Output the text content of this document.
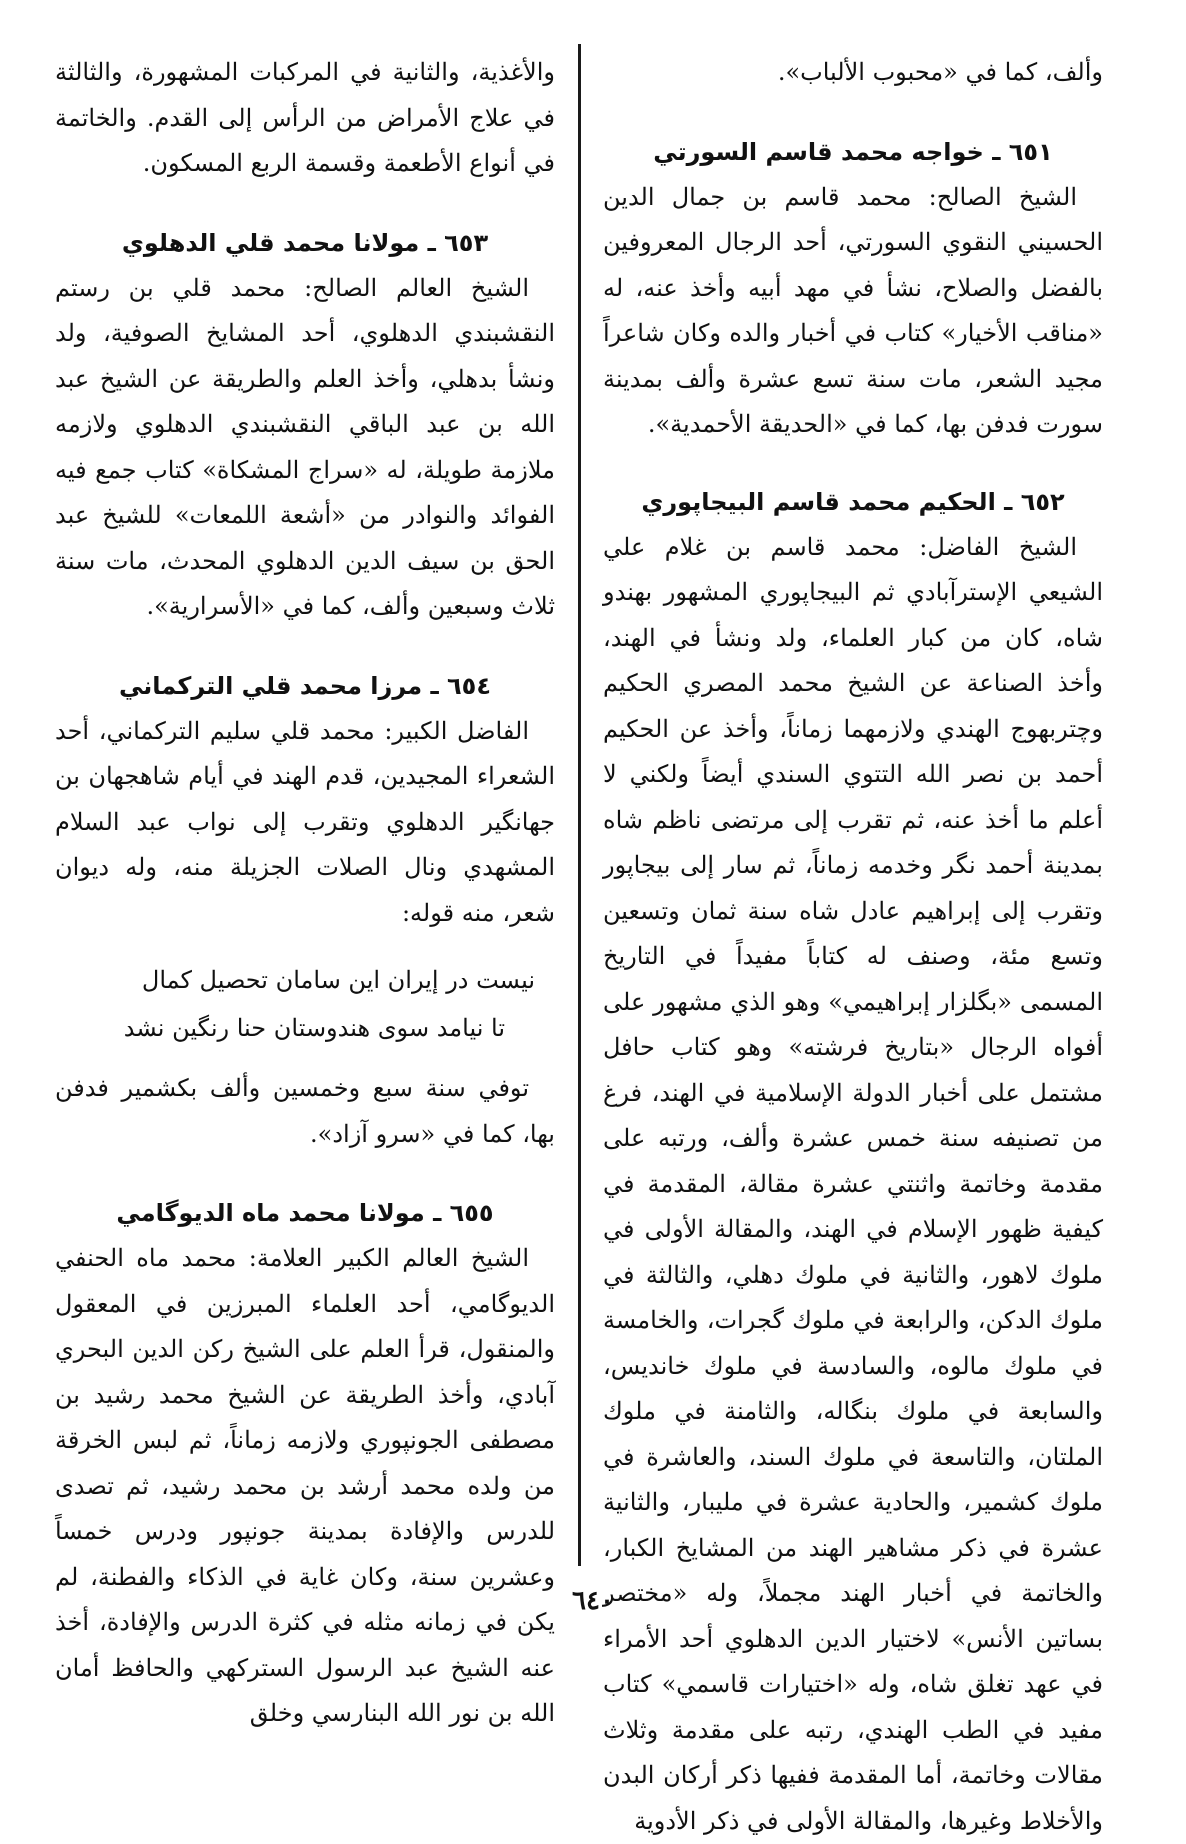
وألف، كما في «محبوب الألباب».

٦٥١ ـ خواجه محمد قاسم السورتي

الشيخ الصالح: محمد قاسم بن جمال الدين الحسيني النقوي السورتي، أحد الرجال المعروفين بالفضل والصلاح، نشأ في مهد أبيه وأخذ عنه، له «مناقب الأخيار» كتاب في أخبار والده وكان شاعراً مجيد الشعر، مات سنة تسع عشرة وألف بمدينة سورت فدفن بها، كما في «الحديقة الأحمدية».

٦٥٢ ـ الحكيم محمد قاسم البيجاپوري

الشيخ الفاضل: محمد قاسم بن غلام علي الشيعي الإسترآبادي ثم البيجاپوري المشهور بهندو شاه، كان من كبار العلماء، ولد ونشأ في الهند، وأخذ الصناعة عن الشيخ محمد المصري الحكيم وچتربهوج الهندي ولازمهما زماناً، وأخذ عن الحكيم أحمد بن نصر الله التتوي السندي أيضاً ولكني لا أعلم ما أخذ عنه، ثم تقرب إلى مرتضى ناظم شاه بمدينة أحمد نگر وخدمه زماناً، ثم سار إلى بيجاپور وتقرب إلى إبراهيم عادل شاه سنة ثمان وتسعين وتسع مئة، وصنف له كتاباً مفيداً في التاريخ المسمى «بگلزار إبراهيمي» وهو الذي مشهور على أفواه الرجال «بتاريخ فرشته» وهو كتاب حافل مشتمل على أخبار الدولة الإسلامية في الهند، فرغ من تصنيفه سنة خمس عشرة وألف، ورتبه على مقدمة وخاتمة واثنتي عشرة مقالة، المقدمة في كيفية ظهور الإسلام في الهند، والمقالة الأولى في ملوك لاهور، والثانية في ملوك دهلي، والثالثة في ملوك الدكن، والرابعة في ملوك گجرات، والخامسة في ملوك مالوه، والسادسة في ملوك خانديس، والسابعة في ملوك بنگاله، والثامنة في ملوك الملتان، والتاسعة في ملوك السند، والعاشرة في ملوك كشمير، والحادية عشرة في مليبار، والثانية عشرة في ذكر مشاهير الهند من المشايخ الكبار، والخاتمة في أخبار الهند مجملاً، وله «مختصر بساتين الأنس» لاختيار الدين الدهلوي أحد الأمراء في عهد تغلق شاه، وله «اختيارات قاسمي» كتاب مفيد في الطب الهندي، رتبه على مقدمة وثلاث مقالات وخاتمة، أما المقدمة ففيها ذكر أركان البدن والأخلاط وغيرها، والمقالة الأولى في ذكر الأدوية

والأغذية، والثانية في المركبات المشهورة، والثالثة في علاج الأمراض من الرأس إلى القدم. والخاتمة في أنواع الأطعمة وقسمة الربع المسكون.

٦٥٣ ـ مولانا محمد قلي الدهلوي

الشيخ العالم الصالح: محمد قلي بن رستم النقشبندي الدهلوي، أحد المشايخ الصوفية، ولد ونشأ بدهلي، وأخذ العلم والطريقة عن الشيخ عبد الله بن عبد الباقي النقشبندي الدهلوي ولازمه ملازمة طويلة، له «سراج المشكاة» كتاب جمع فيه الفوائد والنوادر من «أشعة اللمعات» للشيخ عبد الحق بن سيف الدين الدهلوي المحدث، مات سنة ثلاث وسبعين وألف، كما في «الأسرارية».

٦٥٤ ـ مرزا محمد قلي التركماني

الفاضل الكبير: محمد قلي سليم التركماني، أحد الشعراء المجيدين، قدم الهند في أيام شاهجهان بن جهانگير الدهلوي وتقرب إلى نواب عبد السلام المشهدي ونال الصلات الجزيلة منه، وله ديوان شعر، منه قوله:

نيست در إيران اين سامان تحصيل كمال
تا نيامد سوى هندوستان حنا رنگين نشد

توفي سنة سبع وخمسين وألف بكشمير فدفن بها، كما في «سرو آزاد».

٦٥٥ ـ مولانا محمد ماه الديوگامي

الشيخ العالم الكبير العلامة: محمد ماه الحنفي الديوگامي، أحد العلماء المبرزين في المعقول والمنقول، قرأ العلم على الشيخ ركن الدين البحري آبادي، وأخذ الطريقة عن الشيخ محمد رشيد بن مصطفى الجونپوري ولازمه زماناً، ثم لبس الخرقة من ولده محمد أرشد بن محمد رشيد، ثم تصدى للدرس والإفادة بمدينة جونپور ودرس خمساً وعشرين سنة، وكان غاية في الذكاء والفطنة، لم يكن في زمانه مثله في كثرة الدرس والإفادة، أخذ عنه الشيخ عبد الرسول الستركهي والحافظ أمان الله بن نور الله البنارسي وخلق

٦٤٠
